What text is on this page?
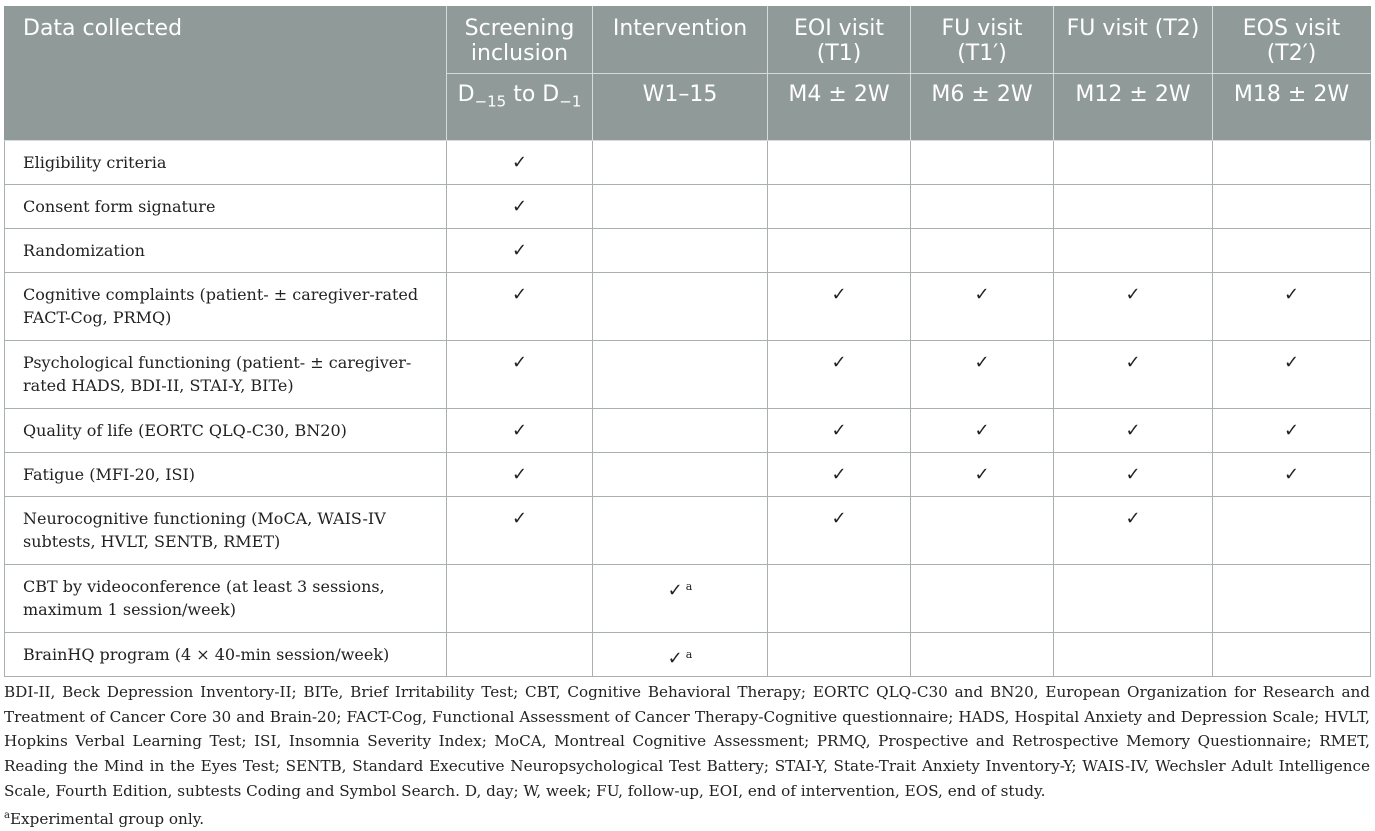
Data collected	Screening inclusion	Intervention	EOI visit (T1)	FU visit (T1′)	FU visit (T2)	EOS visit (T2′)
	$D_{-15}$ to $D_{-1}$	W1–15	M4 ± 2W	M6 ± 2W	M12 ± 2W	M18 ± 2W
Eligibility criteria	✓					
Consent form signature	✓					
Randomization	✓					
Cognitive complaints (patient- ± caregiver-rated FACT-Cog, PRMQ)	✓		✓	✓	✓	✓
Psychological functioning (patient- ± caregiver-rated HADS, BDI-II, STAI-Y, BITe)	✓		✓	✓	✓	✓
Quality of life (EORTC QLQ-C30, BN20)	✓		✓	✓	✓	✓
Fatigue (MFI-20, ISI)	✓		✓	✓	✓	✓
Neurocognitive functioning (MoCA, WAIS-IV subtests, HVLT, SENTB, RMET)	✓		✓		✓	
CBT by videoconference (at least 3 sessions, maximum 1 session/week)		✓ $^a$				
BrainHQ program (4 × 40-min session/week)		✓ $^a$				

BDI-II, Beck Depression Inventory-II; BITe, Brief Irritability Test; CBT, Cognitive Behavioral Therapy; EORTC QLQ-C30 and BN20, European Organization for Research and Treatment of Cancer Core 30 and Brain-20; FACT-Cog, Functional Assessment of Cancer Therapy-Cognitive questionnaire; HADS, Hospital Anxiety and Depression Scale; HVLT, Hopkins Verbal Learning Test; ISI, Insomnia Severity Index; MoCA, Montreal Cognitive Assessment; PRMQ, Prospective and Retrospective Memory Questionnaire; RMET, Reading the Mind in the Eyes Test; SENTB, Standard Executive Neuropsychological Test Battery; STAI-Y, State-Trait Anxiety Inventory-Y; WAIS-IV, Wechsler Adult Intelligence Scale, Fourth Edition, subtests Coding and Symbol Search. D, day; W, week; FU, follow-up, EOI, end of intervention, EOS, end of study.

$^a$Experimental group only.
